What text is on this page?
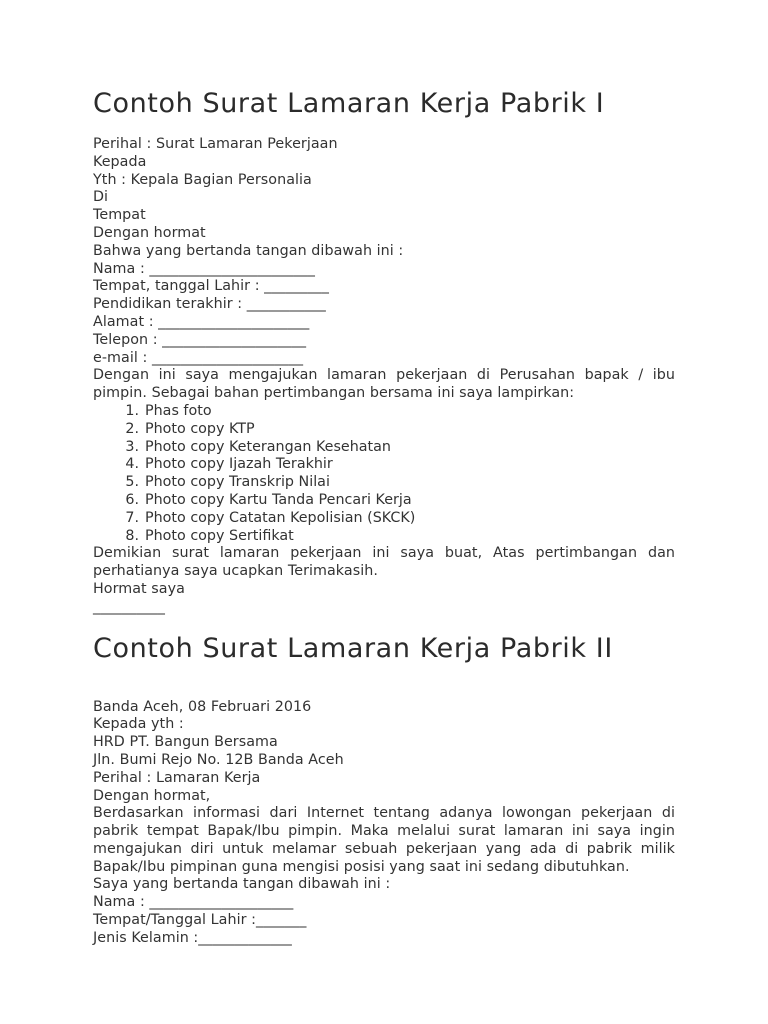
Contoh Surat Lamaran Kerja Pabrik I
Perihal : Surat Lamaran Pekerjaan
Kepada
Yth : Kepala Bagian Personalia
Di
Tempat
Dengan hormat
Bahwa yang bertanda tangan dibawah ini :
Nama : _______________________
Tempat, tanggal Lahir : _________
Pendidikan terakhir : ___________
Alamat : _____________________
Telepon : ____________________
e-mail : _____________________
Dengan ini saya mengajukan lamaran pekerjaan di Perusahan bapak / ibu pimpin. Sebagai bahan pertimbangan bersama ini saya lampirkan:
1 . Phas foto
2 . Photo copy KTP
3 . Photo copy Keterangan Kesehatan
4 . Photo copy Ijazah Terakhir
5 . Photo copy Transkrip Nilai
6 . Photo copy Kartu Tanda Pencari Kerja
7 . Photo copy Catatan Kepolisian (SKCK)
8 . Photo copy Sertifikat
Demikian surat lamaran pekerjaan ini saya buat, Atas pertimbangan dan perhatianya saya ucapkan Terimakasih.
Hormat saya
__________
Contoh Surat Lamaran Kerja Pabrik II
Banda Aceh, 08 Februari 2016
Kepada yth :
HRD PT. Bangun Bersama
Jln. Bumi Rejo No. 12B Banda Aceh
Perihal : Lamaran Kerja
Dengan hormat,
Berdasarkan informasi dari Internet tentang adanya lowongan pekerjaan di pabrik tempat Bapak/Ibu pimpin. Maka melalui surat lamaran ini saya ingin mengajukan diri untuk melamar sebuah pekerjaan yang ada di pabrik milik Bapak/Ibu pimpinan guna mengisi posisi yang saat ini sedang dibutuhkan.
Saya yang bertanda tangan dibawah ini :
Nama : ____________________
Tempat/Tanggal Lahir :_______
Jenis Kelamin :_____________
